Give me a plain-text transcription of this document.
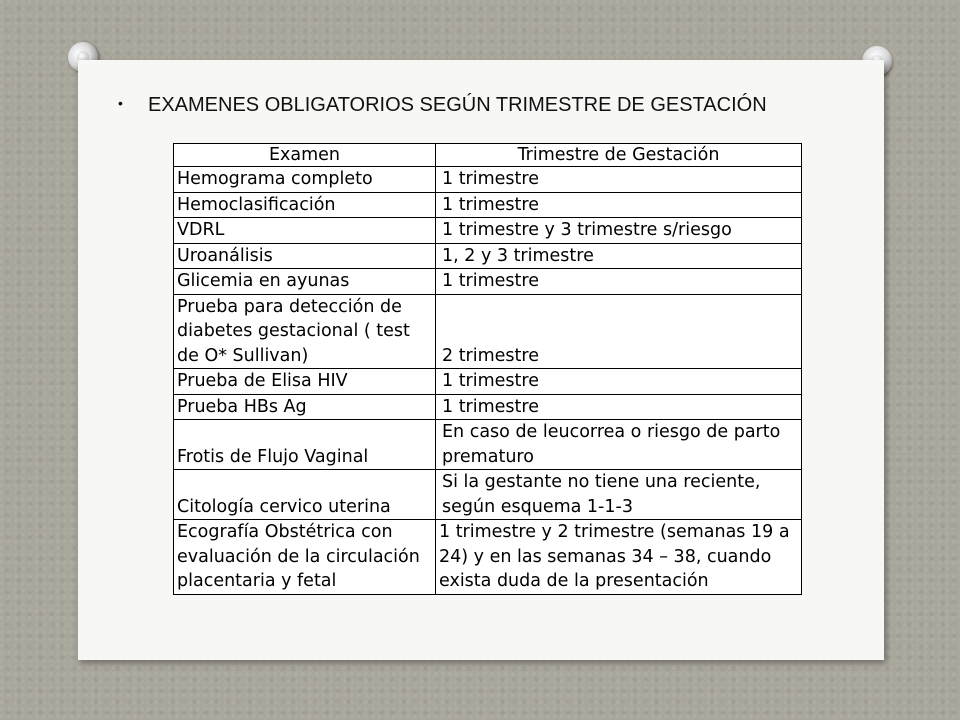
• EXAMENES OBLIGATORIOS SEGÚN TRIMESTRE DE GESTACIÓN
Examen	Trimestre de Gestación
Hemograma completo	1 trimestre
Hemoclasificación	1 trimestre
VDRL	1 trimestre y 3 trimestre s/riesgo
Uroanálisis	1, 2 y 3 trimestre
Glicemia en ayunas	1 trimestre
Prueba para detección de diabetes gestacional ( test de O* Sullivan)	2 trimestre
Prueba de Elisa HIV	1 trimestre
Prueba HBs Ag	1 trimestre
Frotis de Flujo Vaginal	En caso de leucorrea o riesgo de parto prematuro
Citología cervico uterina	Si la gestante no tiene una reciente, según esquema 1-1-3
Ecografía Obstétrica con evaluación de la circulación placentaria y fetal	1 trimestre y 2 trimestre (semanas 19 a 24) y en las semanas 34 – 38, cuando exista duda de la presentación
